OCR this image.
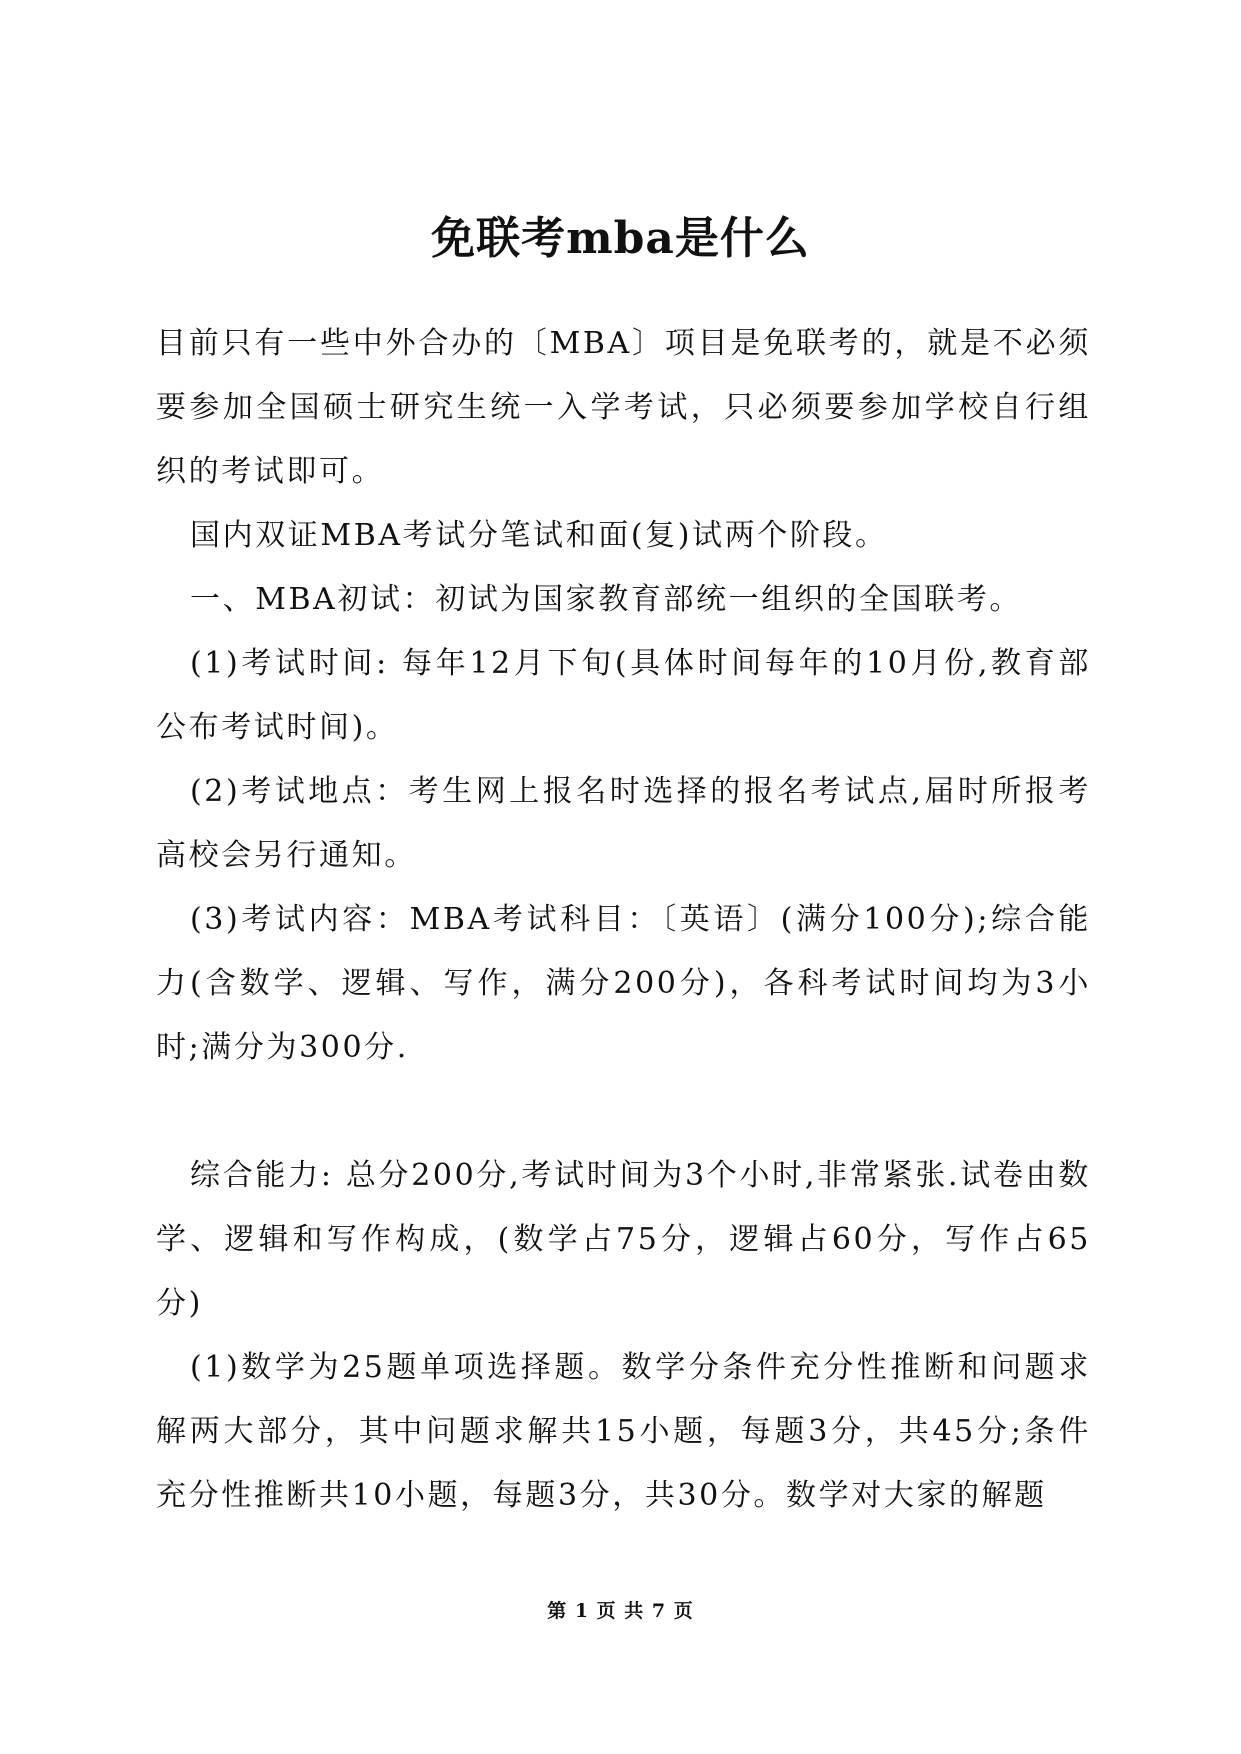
免联考mba是什么

目前只有一些中外合办的〔MBA〕项目是免联考的，就是不必须要参加全国硕士研究生统一入学考试，只必须要参加学校自行组织的考试即可。

国内双证MBA考试分笔试和面(复)试两个阶段。

一、MBA初试：初试为国家教育部统一组织的全国联考。

(1)考试时间: 每年12月下旬(具体时间每年的10月份,教育部公布考试时间)。

(2)考试地点：考生网上报名时选择的报名考试点,届时所报考高校会另行通知。

(3)考试内容：MBA考试科目：〔英语〕(满分100分);综合能力(含数学、逻辑、写作，满分200分)，各科考试时间均为3小时;满分为300分.

综合能力: 总分200分,考试时间为3个小时,非常紧张.试卷由数学、逻辑和写作构成，(数学占75分，逻辑占60分，写作占65分)

(1)数学为25题单项选择题。数学分条件充分性推断和问题求解两大部分，其中问题求解共15小题，每题3分，共45分;条件充分性推断共10小题，每题3分，共30分。数学对大家的解题

第 1 页 共 7 页
